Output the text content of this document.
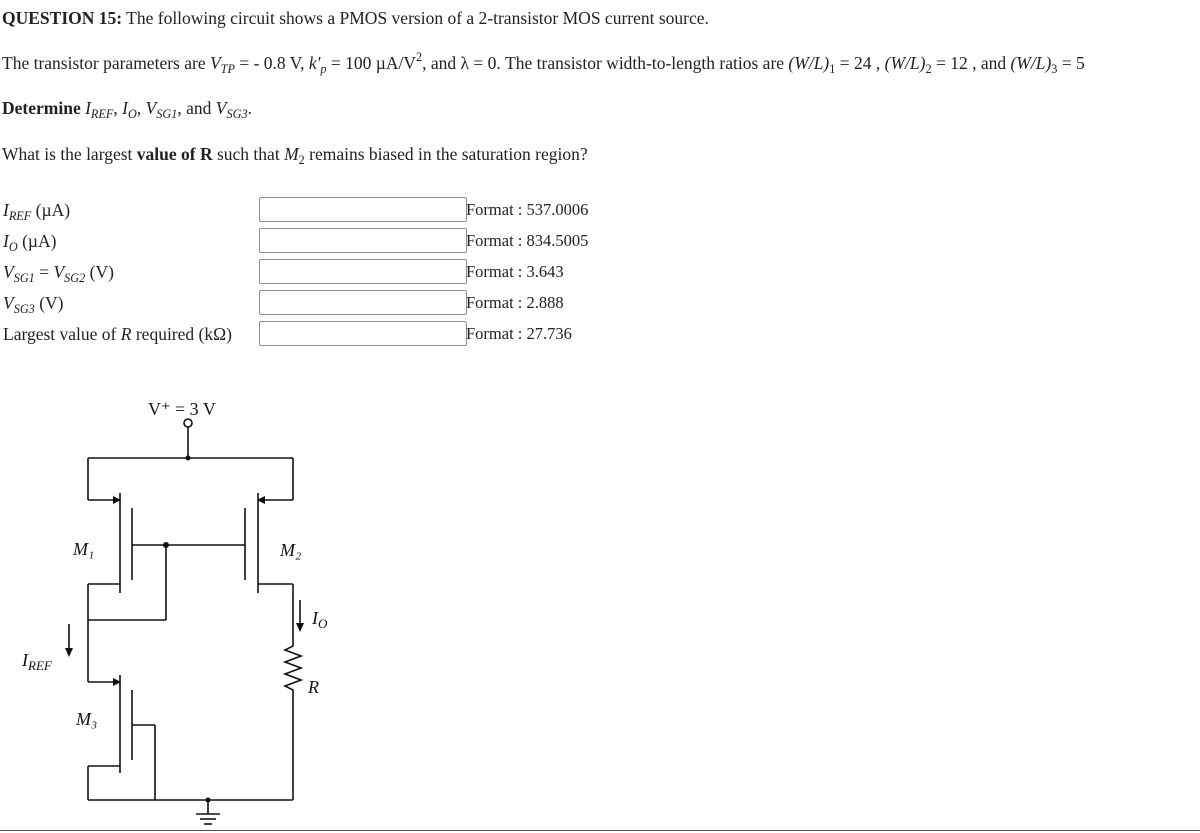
QUESTION 15: The following circuit shows a PMOS version of a 2-transistor MOS current source.
The transistor parameters are $V_{TP}$ = - 0.8 V, $k'_p = 100$ $\mu A/V^2$, and λ = 0. The transistor width-to-length ratios are $(W/L)_1 = 24$ , $(W/L)_2 = 12$ , and $(W/L)_3 = 5$
Determine $I_{REF}$, $I_O$, $V_{SG1}$, and $V_{SG3}$.
What is the largest value of R such that $M_2$ remains biased in the saturation region?
$I_{REF}$ (µA)	Format : 537.0006
$I_O$ (µA)	Format : 834.5005
$V_{SG1} = V_{SG2}$ (V)	Format : 3.643
$V_{SG3}$ (V)	Format : 2.888
Largest value of R required (kΩ)	Format : 27.736
V⁺ = 3 V
M₁	M₂
M₃
$I_{REF}$
$I_O$
R
